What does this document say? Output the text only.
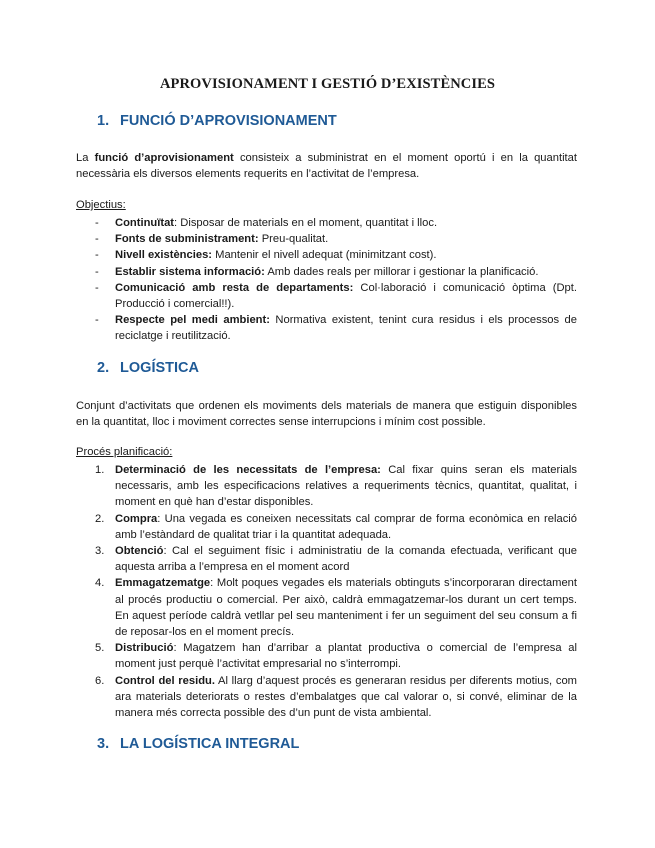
APROVISIONAMENT I GESTIÓ D’EXISTÈNCIES
1. FUNCIÓ D’APROVISIONAMENT
La funció d’aprovisionament consisteix a subministrat en el moment oportú i en la quantitat necessària els diversos elements requerits en l’activitat de l’empresa.
Objectius:
- Continuïtat: Disposar de materials en el moment, quantitat i lloc.
- Fonts de subministrament: Preu-qualitat.
- Nivell existències: Mantenir el nivell adequat (minimitzant cost).
- Establir sistema informació: Amb dades reals per millorar i gestionar la planificació.
- Comunicació amb resta de departaments: Col·laboració i comunicació òptima (Dpt. Producció i comercial!!).
- Respecte pel medi ambient: Normativa existent, tenint cura residus i els processos de reciclatge i reutilització.
2. LOGÍSTICA
Conjunt d’activitats que ordenen els moviments dels materials de manera que estiguin disponibles en la quantitat, lloc i moviment correctes sense interrupcions i mínim cost possible.
Procés planificació:
1. Determinació de les necessitats de l’empresa: Cal fixar quins seran els materials necessaris, amb les especificacions relatives a requeriments tècnics, quantitat, qualitat, i moment en què han d’estar disponibles.
2. Compra: Una vegada es coneixen necessitats cal comprar de forma econòmica en relació amb l’estàndard de qualitat triar i la quantitat adequada.
3. Obtenció: Cal el seguiment físic i administratiu de la comanda efectuada, verificant que aquesta arriba a l’empresa en el moment acord
4. Emmagatzematge: Molt poques vegades els materials obtinguts s’incorporaran directament al procés productiu o comercial. Per això, caldrà emmagatzemar-los durant un cert temps. En aquest període caldrà vetllar pel seu manteniment i fer un seguiment del seu consum a fi de reposar-los en el moment precís.
5. Distribució: Magatzem han d’arribar a plantat productiva o comercial de l’empresa al moment just perquè l’activitat empresarial no s’interrompi.
6. Control del residu. Al llarg d’aquest procés es generaran residus per diferents motius, com ara materials deteriorats o restes d’embalatges que cal valorar o, si convé, eliminar de la manera més correcta possible des d’un punt de vista ambiental.
3. LA LOGÍSTICA INTEGRAL
